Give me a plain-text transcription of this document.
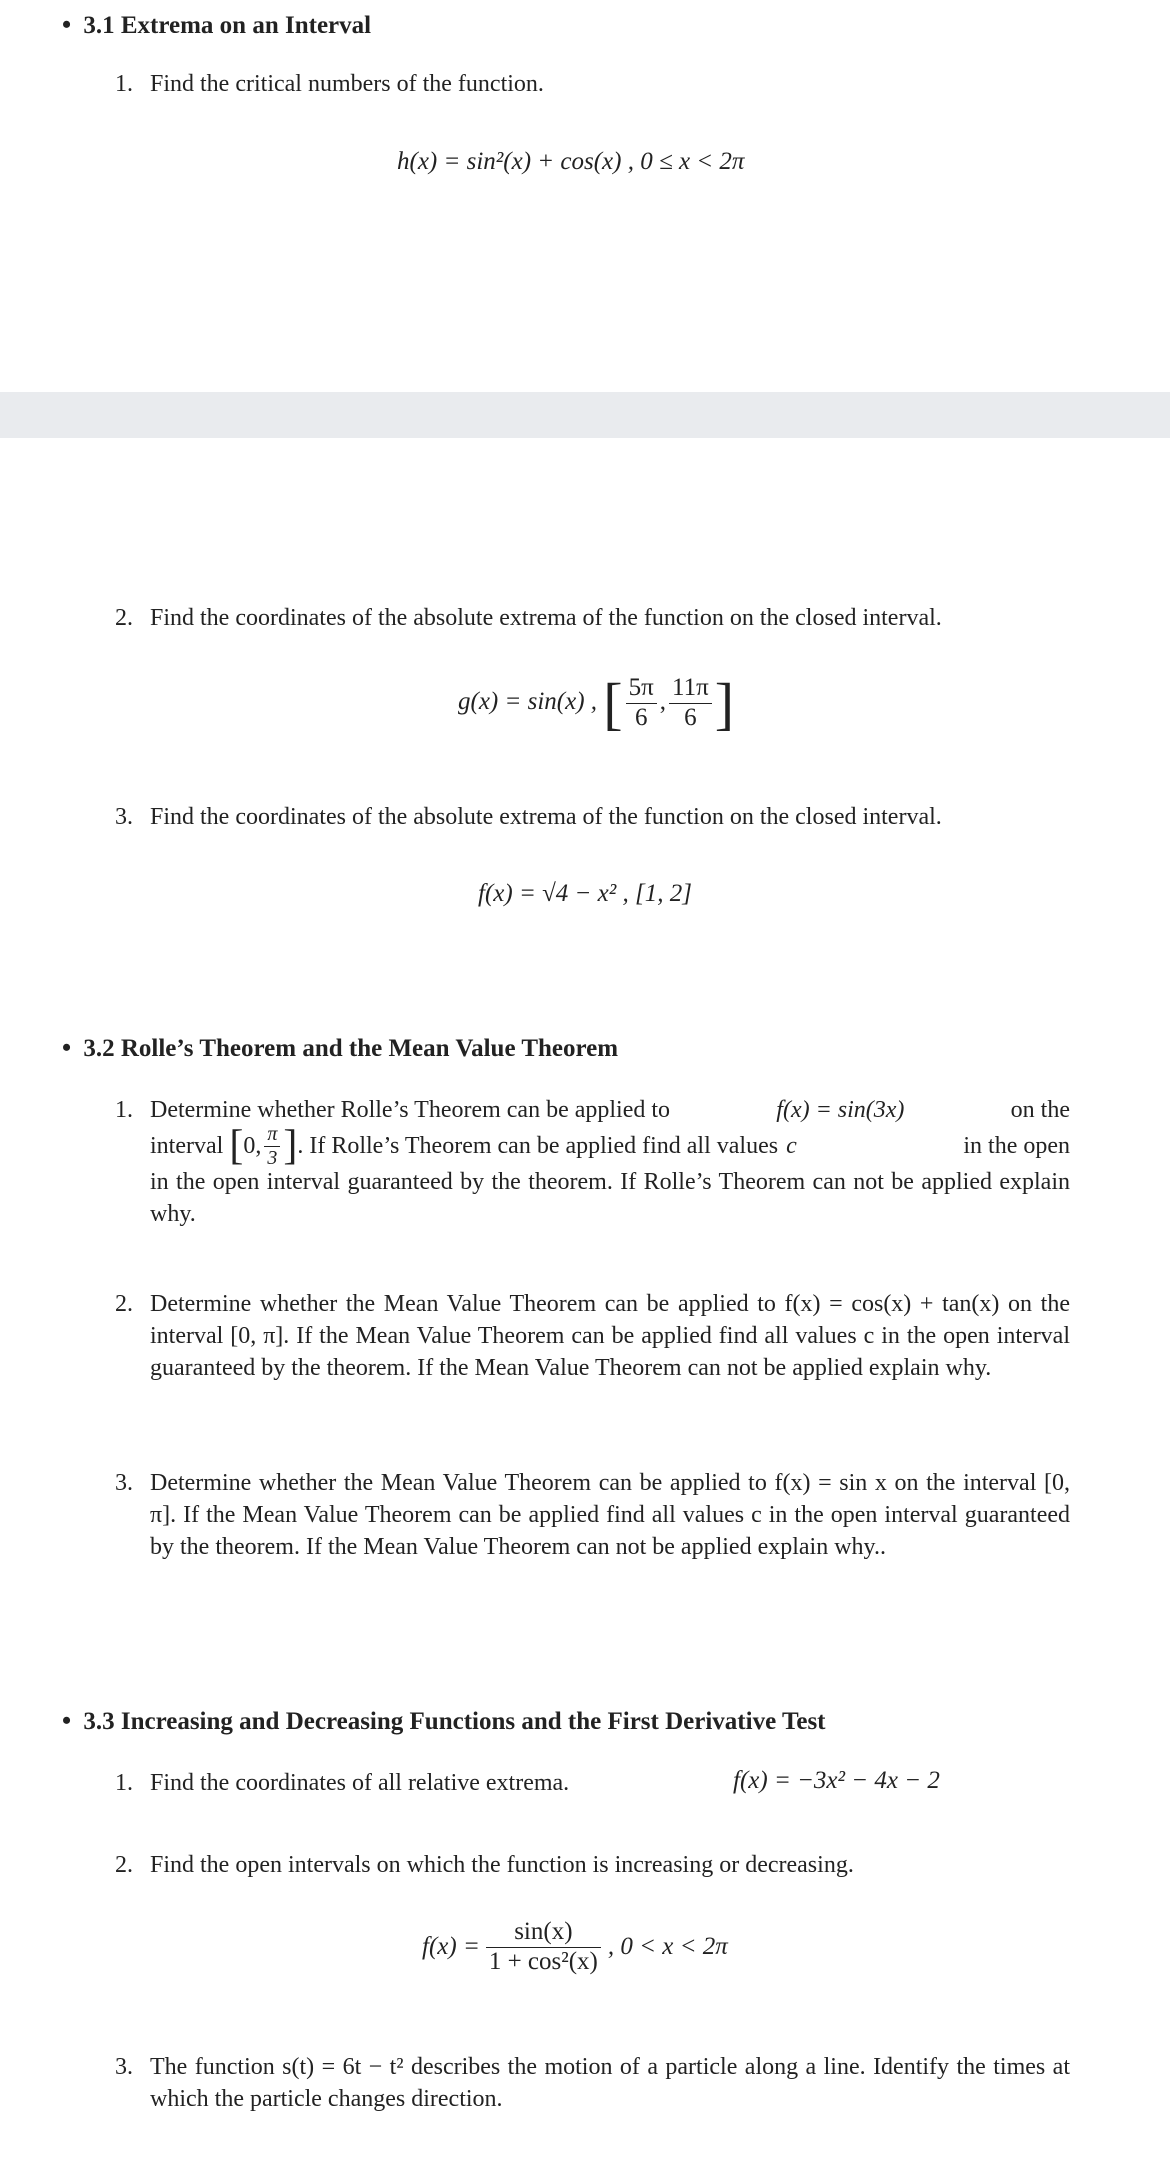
• 3.1 Extrema on an Interval
1. Find the critical numbers of the function.
h(x) = sin²(x) + cos(x) , 0 ≤ x < 2π
2. Find the coordinates of the absolute extrema of the function on the closed interval.
g(x) = sin(x) , [ $\frac{5\pi}{6}$ , $\frac{11\pi}{6}$ ]
3. Find the coordinates of the absolute extrema of the function on the closed interval.
f(x) = √4 − x² , [1, 2]
• 3.2 Rolle’s Theorem and the Mean Value Theorem
1. Determine whether Rolle’s Theorem can be applied to	f(x) = sin(3x)	on the
interval [ 0, $\frac{\pi}{3}$ ] . If Rolle’s Theorem can be applied find all values c	in the open
in the open interval guaranteed by the theorem. If Rolle’s Theorem can not be applied explain why.
2. Determine whether the Mean Value Theorem can be applied to f(x) = cos(x) + tan(x) on the interval [0, π]. If the Mean Value Theorem can be applied find all values c in the open interval guaranteed by the theorem. If the Mean Value Theorem can not be applied explain why.
3. Determine whether the Mean Value Theorem can be applied to f(x) = sin x on the interval [0, π]. If the Mean Value Theorem can be applied find all values c in the open interval guaranteed by the theorem. If the Mean Value Theorem can not be applied explain why..
• 3.3 Increasing and Decreasing Functions and the First Derivative Test
1. Find the coordinates of all relative extrema.	f(x) = −3x² − 4x − 2
2. Find the open intervals on which the function is increasing or decreasing.
$f(x) = \frac{\sin(x)}{\text{1 + cos²(x)}}$ , 0 < x < 2π
3. The function s(t) = 6t − t² describes the motion of a particle along a line. Identify the times at which the particle changes direction.
